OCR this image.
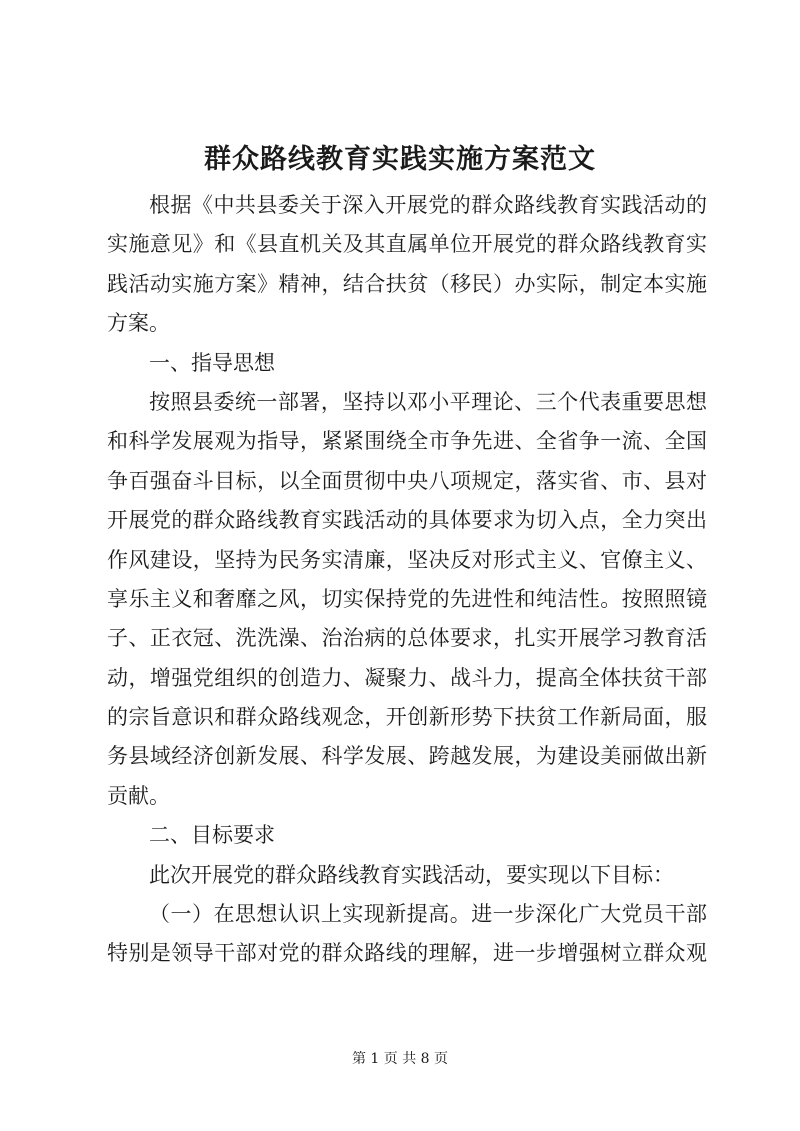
群众路线教育实践实施方案范文
根据《中共县委关于深入开展党的群众路线教育实践活动的
实施意见》和《县直机关及其直属单位开展党的群众路线教育实
践活动实施方案》精神，结合扶贫（移民）办实际，制定本实施
方案。
一、指导思想
按照县委统一部署，坚持以邓小平理论、三个代表重要思想
和科学发展观为指导，紧紧围绕全市争先进、全省争一流、全国
争百强奋斗目标，以全面贯彻中央八项规定，落实省、市、县对
开展党的群众路线教育实践活动的具体要求为切入点，全力突出
作风建设，坚持为民务实清廉，坚决反对形式主义、官僚主义、
享乐主义和奢靡之风，切实保持党的先进性和纯洁性。按照照镜
子、正衣冠、洗洗澡、治治病的总体要求，扎实开展学习教育活
动，增强党组织的创造力、凝聚力、战斗力，提高全体扶贫干部
的宗旨意识和群众路线观念，开创新形势下扶贫工作新局面，服
务县域经济创新发展、科学发展、跨越发展，为建设美丽做出新
贡献。
二、目标要求
此次开展党的群众路线教育实践活动，要实现以下目标：
（一）在思想认识上实现新提高。进一步深化广大党员干部
特别是领导干部对党的群众路线的理解，进一步增强树立群众观
第 1 页 共 8 页
